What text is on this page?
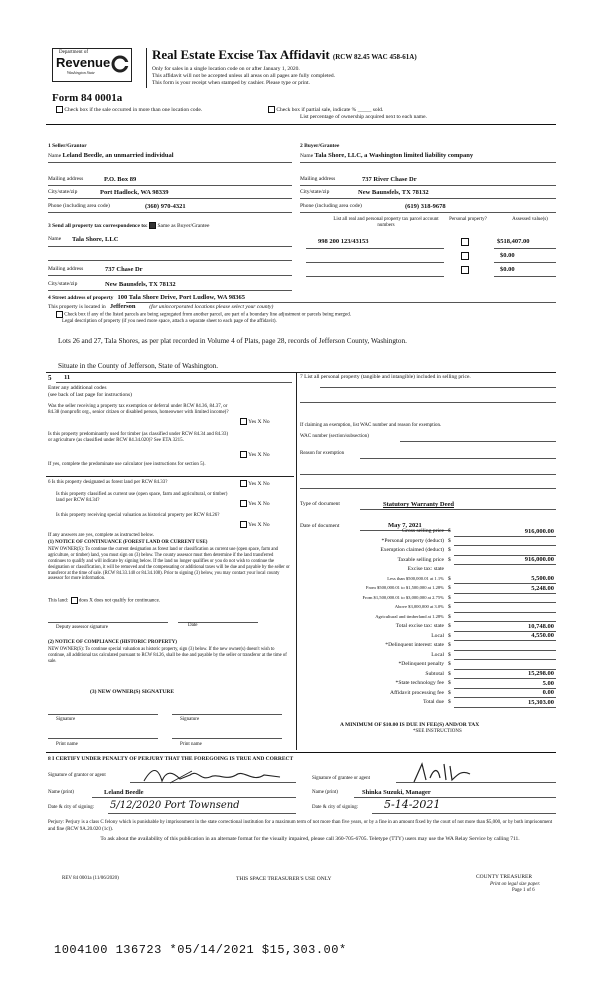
Department of
Revenue
Washington State
Real Estate Excise Tax Affidavit (RCW 82.45 WAC 458-61A)
Only for sales in a single location code on or after January 1, 2020.
This affidavit will not be accepted unless all areas on all pages are fully completed.
This form is your receipt when stamped by cashier. Please type or print.
Form 84 0001a
Check box if the sale occurred in more than one location code.	Check box if partial sale, indicate % _____ sold.
List percentage of ownership acquired next to each name.
1 Seller/Grantor
Name Leland Beedle, an unmarried individual
2 Buyer/Grantee
Name Tala Shore, LLC, a Washington limited liability company
Mailing address	P.O. Box 89
City/state/zip	Port Hadlock, WA 98339
Phone (including area code)	(360) 970-4321
Mailing address	737 River Chase Dr
City/state/zip	New Baunsfels, TX 78132
Phone (including area code)	(619) 318-9678
3 Send all property tax correspondence to: Same as Buyer/Grantee
Name Tala Shore, LLC
Mailing address	737 Chase Dr
City/state/zip	New Baunsfels, TX 78132
List all real and personal property tax parcel account numbers
Personal property?	Assessed value(s)
998 200 123/43153	$518,407.00
$0.00
$0.00
4 Street address of property 100 Tala Shore Drive, Port Ludlow, WA 98365
This property is located in Jefferson	(for unincorporated locations please select your county)
Check box if any of the listed parcels are being segregated from another parcel, are part of a boundary line adjustment or parcels being merged.
Legal description of property (if you need more space, attach a separate sheet to each page of the affidavit).
Lots 26 and 27, Tala Shores, as per plat recorded in Volume 4 of Plats, page 28, records of Jefferson County, Washington.
Situate in the County of Jefferson, State of Washington.
5 11
Enter any additional codes
(see back of last page for instructions)
Was the seller receiving a property tax exemption or deferral under RCW 84.36, 84.37, or 84.38 (nonprofit org., senior citizen or disabled person, homeowner with limited income)?
Yes X No
Is this property predominantly used for timber (as classified under RCW 84.34 and 84.33) or agriculture (as classified under RCW 84.34.020)? See ETA 3215.
Yes X No
If yes, complete the predominate use calculator (see instructions for section 5).
6 Is this property designated as forest land per RCW 84.33?	Yes X No
Is this property classified as current use (open space, farm and agricultural, or timber) land per RCW 84.34?
Yes X No
Is this property receiving special valuation as historical property per RCW 84.26?
Yes X No
If any answers are yes, complete as instructed below.
(1) NOTICE OF CONTINUANCE (FOREST LAND OR CURRENT USE)
NEW OWNER(S): To continue the current designation as forest land or classification as current use (open space, farm and agriculture, or timber) land, you must sign on (3) below. The county assessor must then determine if the land transferred continues to qualify and will indicate by signing below. If the land no longer qualifies or you do not wish to continue the designation or classification, it will be removed and the compensating or additional taxes will be due and payable by the seller or transferor at the time of sale. (RCW 84.33.140 or 84.34.108). Prior to signing (3) below, you may contact your local county assessor for more information.
This land: does X does not qualify for continuance.
Deputy assessor signature	Date
(2) NOTICE OF COMPLIANCE (HISTORIC PROPERTY)
NEW OWNER(S): To continue special valuation as historic property, sign (3) below. If the new owner(s) doesn't wish to continue, all additional tax calculated pursuant to RCW 84.26, shall be due and payable by the seller or transferor at the time of sale.
(3) NEW OWNER(S) SIGNATURE
Signature	Signature
Print name	Print name
7 List all personal property (tangible and intangible) included in selling price.
If claiming an exemption, list WAC number and reason for exemption.
WAC number (section/subsection)
Reason for exemption
Type of document	Statutory Warranty Deed
Date of document	May 7, 2021
Gross selling price $	916,000.00
*Personal property (deduct) $
Exemption claimed (deduct) $
Taxable selling price $	916,000.00
Excise tax: state
Less than $500,000.01 at 1.1% $	5,500.00
From $500,000.01 to $1,500,000 at 1.28% $	5,248.00
From $1,500,000.01 to $3,000,000 at 2.75% $
Above $3,000,000 at 3.0% $
Agricultural and timberland at 1.28% $
Total excise tax: state $	10,748.00
Local $	4,550.00
*Delinquent interest: state $
Local $
*Delinquent penalty $
Subtotal $	15,298.00
*State technology fee $	5.00
Affidavit processing fee $	0.00
Total due $	15,303.00
A MINIMUM OF $10.00 IS DUE IN FEE(S) AND/OR TAX
*SEE INSTRUCTIONS
8 I CERTIFY UNDER PENALTY OF PERJURY THAT THE FOREGOING IS TRUE AND CORRECT
Signature of grantor or agent
Name (print)	Leland Beedle
Date & city of signing: 5/12/2020 Port Townsend
Signature of grantee or agent
Name (print)	Shinka Suzuki, Manager
Date & city of signing: 5-14-2021
Perjury: Perjury is a class C felony which is punishable by imprisonment in the state correctional institution for a maximum term of not more than five years, or by a fine in an amount fixed by the court of not more than $5,000, or by both imprisonment and fine (RCW 9A.20.020 (1c)).
To ask about the availability of this publication in an alternate format for the visually impaired, please call 360-705-6705. Teletype (TTY) users may use the WA Relay Service by calling 711.
REV 84 0001a (11/06/2020)	THIS SPACE TREASURER'S USE ONLY	COUNTY TREASURER
Print on legal size paper.
Page 1 of 6
1004100 136723 *05/14/2021 $15,303.00*
